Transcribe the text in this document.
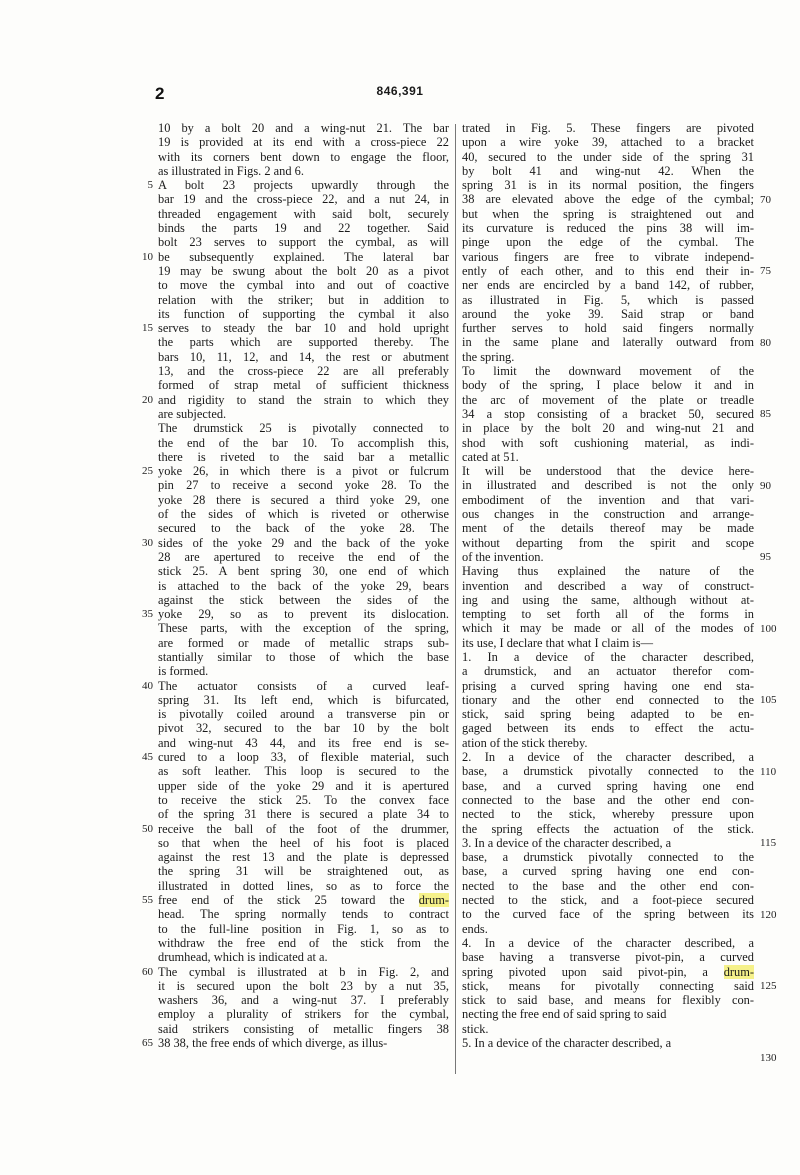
2	846,391
10 by a bolt 20 and a wing-nut 21. The bar
19 is provided at its end with a cross-piece 22
with its corners bent down to engage the floor,
as illustrated in Figs. 2 and 6.
A bolt 23 projects upwardly through the
bar 19 and the cross-piece 22, and a nut 24, in
threaded engagement with said bolt, securely
binds the parts 19 and 22 together. Said
bolt 23 serves to support the cymbal, as will
be subsequently explained. The lateral bar
19 may be swung about the bolt 20 as a pivot
to move the cymbal into and out of coactive
relation with the striker; but in addition to
its function of supporting the cymbal it also
serves to steady the bar 10 and hold upright
the parts which are supported thereby. The
bars 10, 11, 12, and 14, the rest or abutment
13, and the cross-piece 22 are all preferably
formed of strap metal of sufficient thickness
and rigidity to stand the strain to which they
are subjected.
The drumstick 25 is pivotally connected to
the end of the bar 10. To accomplish this,
there is riveted to the said bar a metallic
yoke 26, in which there is a pivot or fulcrum
pin 27 to receive a second yoke 28. To the
yoke 28 there is secured a third yoke 29, one
of the sides of which is riveted or otherwise
secured to the back of the yoke 28. The
sides of the yoke 29 and the back of the yoke
28 are apertured to receive the end of the
stick 25. A bent spring 30, one end of which
is attached to the back of the yoke 29, bears
against the stick between the sides of the
yoke 29, so as to prevent its dislocation.
These parts, with the exception of the spring,
are formed or made of metallic straps sub-
stantially similar to those of which the base
is formed.
The actuator consists of a curved leaf-
spring 31. Its left end, which is bifurcated,
is pivotally coiled around a transverse pin or
pivot 32, secured to the bar 10 by the bolt
and wing-nut 43 44, and its free end is se-
cured to a loop 33, of flexible material, such
as soft leather. This loop is secured to the
upper side of the yoke 29 and it is apertured
to receive the stick 25. To the convex face
of the spring 31 there is secured a plate 34 to
receive the ball of the foot of the drummer,
so that when the heel of his foot is placed
against the rest 13 and the plate is depressed
the spring 31 will be straightened out, as
illustrated in dotted lines, so as to force the
free end of the stick 25 toward the drum-
head. The spring normally tends to contract
to the full-line position in Fig. 1, so as to
withdraw the free end of the stick from the
drumhead, which is indicated at a.
The cymbal is illustrated at b in Fig. 2, and
it is secured upon the bolt 23 by a nut 35,
washers 36, and a wing-nut 37. I preferably
employ a plurality of strikers for the cymbal,
said strikers consisting of metallic fingers 38
38 38, the free ends of which diverge, as illus-
trated in Fig. 5. These fingers are pivoted
upon a wire yoke 39, attached to a bracket
40, secured to the under side of the spring 31
by bolt 41 and wing-nut 42. When the
spring 31 is in its normal position, the fingers
38 are elevated above the edge of the cymbal;
but when the spring is straightened out and
its curvature is reduced the pins 38 will im-
pinge upon the edge of the cymbal. The
various fingers are free to vibrate independ-
ently of each other, and to this end their in-
ner ends are encircled by a band 142, of rubber,
as illustrated in Fig. 5, which is passed
around the yoke 39. Said strap or band
further serves to hold said fingers normally
in the same plane and laterally outward from
the spring.
To limit the downward movement of the
body of the spring, I place below it and in
the arc of movement of the plate or treadle
34 a stop consisting of a bracket 50, secured
in place by the bolt 20 and wing-nut 21 and
shod with soft cushioning material, as indi-
cated at 51.
It will be understood that the device here-
in illustrated and described is not the only
embodiment of the invention and that vari-
ous changes in the construction and arrange-
ment of the details thereof may be made
without departing from the spirit and scope
of the invention.
Having thus explained the nature of the
invention and described a way of construct-
ing and using the same, although without at-
tempting to set forth all of the forms in
which it may be made or all of the modes of
its use, I declare that what I claim is—
1. In a device of the character described,
a drumstick, and an actuator therefor com-
prising a curved spring having one end sta-
tionary and the other end connected to the
stick, said spring being adapted to be en-
gaged between its ends to effect the actu-
ation of the stick thereby.
2. In a device of the character described, a
base, a drumstick pivotally connected to the
base, and a curved spring having one end
connected to the base and the other end con-
nected to the stick, whereby pressure upon
the spring effects the actuation of the stick.
3. In a device of the character described, a
base, a drumstick pivotally connected to the
base, a curved spring having one end con-
nected to the base and the other end con-
nected to the stick, and a foot-piece secured
to the curved face of the spring between its
ends.
4. In a device of the character described, a
base having a transverse pivot-pin, a curved
spring pivoted upon said pivot-pin, a drum-
stick, means for pivotally connecting said
stick to said base, and means for flexibly con-
necting the free end of said spring to said
stick.
5. In a device of the character described, a
5
10
15
20
25
30
35
40
45
50
55
60
65
70
75
80
85
90
95
100
105
110
115
120
125
130
